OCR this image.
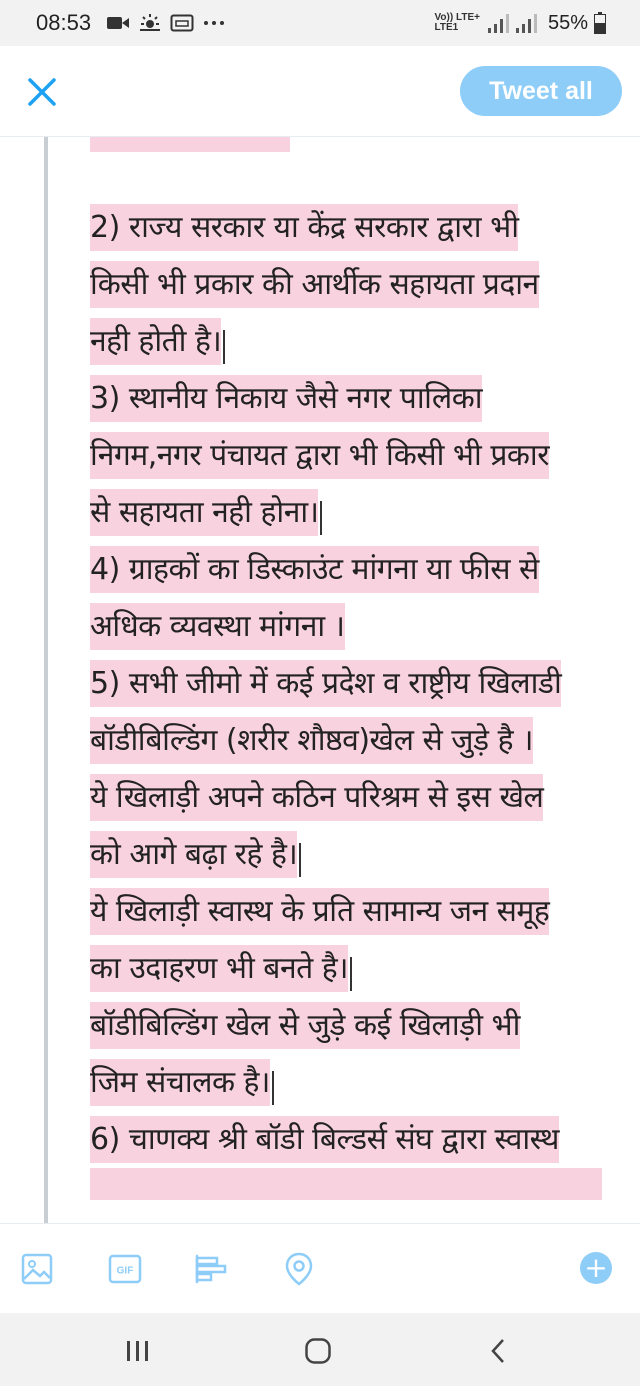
08:53	Vo)) LTE+
LTE1	55%
Tweet all
2) राज्य सरकार या केंद्र सरकार द्वारा भी
किसी भी प्रकार की आर्थीक सहायता प्रदान
नही होती है।
3) स्थानीय निकाय जैसे नगर पालिका
निगम,नगर पंचायत द्वारा भी किसी भी प्रकार
से सहायता नही होना।
4) ग्राहकों का डिस्काउंट मांगना या फीस से
अधिक व्यवस्था मांगना ।
5) सभी जीमो में कई प्रदेश व राष्ट्रीय खिलाडी
बॉडीबिल्डिंग (शरीर शौष्ठव)खेल से जुड़े है ।
ये खिलाड़ी अपने कठिन परिश्रम से इस खेल
को आगे बढ़ा रहे है।
ये खिलाड़ी स्वास्थ के प्रति सामान्य जन समूह
का उदाहरण भी बनते है।
बॉडीबिल्डिंग खेल से जुड़े कई खिलाड़ी भी
जिम संचालक है।
6) चाणक्य श्री बॉडी बिल्डर्स संघ द्वारा स्वास्थ
GIF	+
